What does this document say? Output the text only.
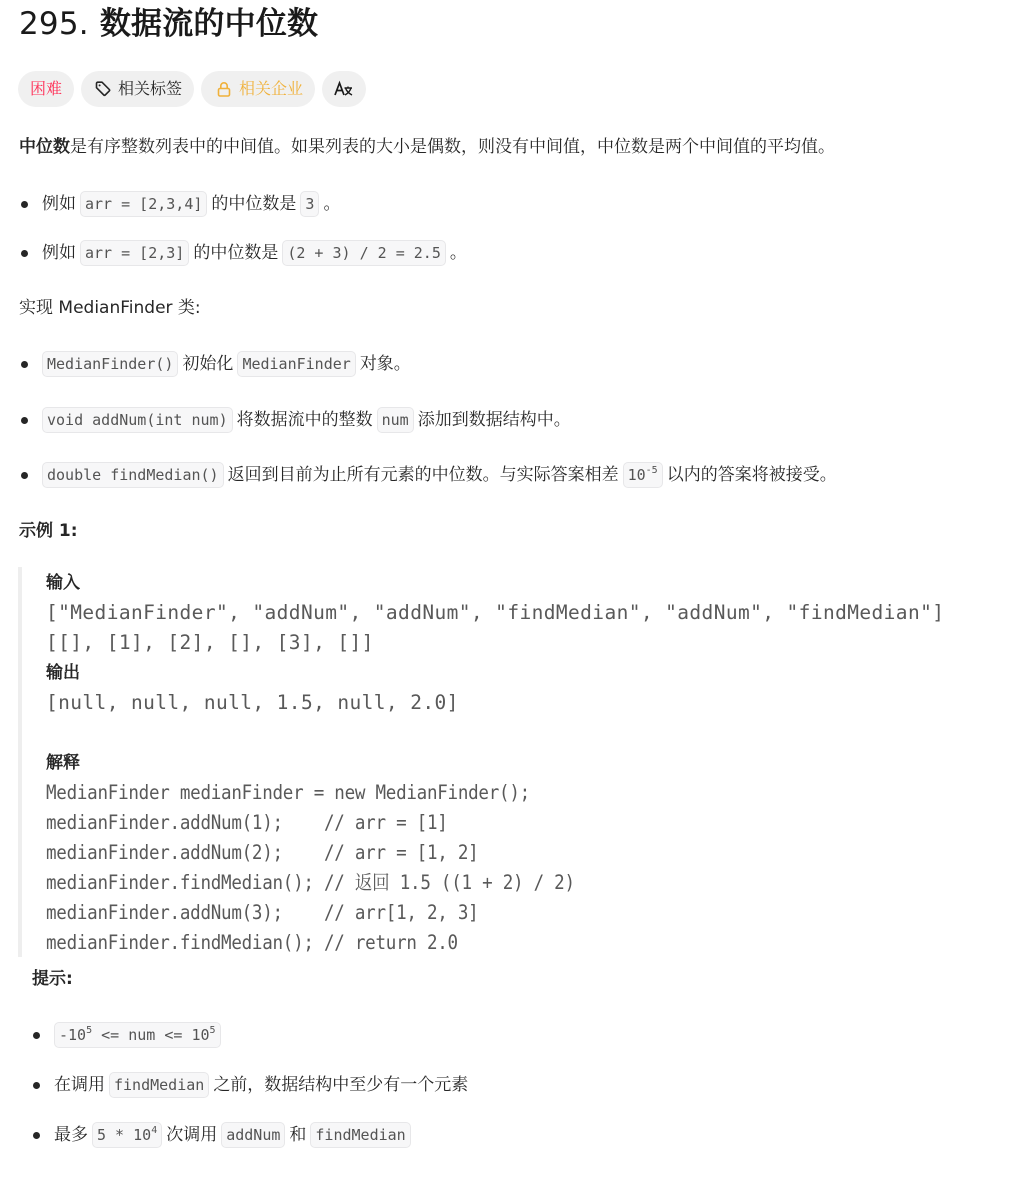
295. 数据流的中位数
困难	相关标签	相关企业
中位数是有序整数列表中的中间值。如果列表的大小是偶数，则没有中间值，中位数是两个中间值的平均值。
例如 arr = [2,3,4] 的中位数是 3 。
例如 arr = [2,3] 的中位数是 (2 + 3) / 2 = 2.5 。
实现 MedianFinder 类:
MedianFinder() 初始化 MedianFinder 对象。
void addNum(int num) 将数据流中的整数 num 添加到数据结构中。
double findMedian() 返回到目前为止所有元素的中位数。与实际答案相差 $10^{-5}$ 以内的答案将被接受。
示例 1:
输入
["MedianFinder", "addNum", "addNum", "findMedian", "addNum", "findMedian"]
[[], [1], [2], [], [3], []]
输出
[null, null, null, 1.5, null, 2.0]
解释
MedianFinder medianFinder = new MedianFinder();
medianFinder.addNum(1);    // arr = [1]
medianFinder.addNum(2);    // arr = [1, 2]
medianFinder.findMedian(); // 返回 1.5 ((1 + 2) / 2)
medianFinder.addNum(3);    // arr[1, 2, 3]
medianFinder.findMedian(); // return 2.0
提示:
$-10^5$ <= num <= $10^5$
在调用 findMedian 之前，数据结构中至少有一个元素
最多 $5 * 10^4$ 次调用 addNum 和 findMedian
